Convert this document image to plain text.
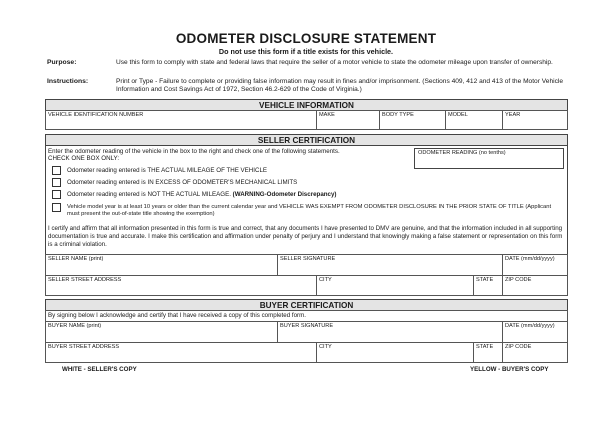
ODOMETER DISCLOSURE STATEMENT
Do not use this form if a title exists for this vehicle.
Purpose:	Use this form to comply with state and federal laws that require the seller of a motor vehicle to state the odometer mileage upon transfer of ownership.
Instructions:	Print or Type - Failure to complete or providing false information may result in fines and/or imprisonment. (Sections 409, 412 and 413 of the Motor Vehicle Information and Cost Savings Act of 1972, Section 46.2-629 of the Code of Virginia.)
VEHICLE INFORMATION
VEHICLE IDENTIFICATION NUMBER	MAKE	BODY TYPE	MODEL	YEAR
SELLER CERTIFICATION
Enter the odometer reading of the vehicle in the box to the right and check one of the following statements.
CHECK ONE BOX ONLY:
ODOMETER READING (no tenths)
Odometer reading entered is THE ACTUAL MILEAGE OF THE VEHICLE
Odometer reading entered is IN EXCESS OF ODOMETER'S MECHANICAL LIMITS
Odometer reading entered is NOT THE ACTUAL MILEAGE. (WARNING-Odometer Discrepancy)
Vehicle model year is at least 10 years or older than the current calendar year and VEHICLE WAS EXEMPT FROM ODOMETER DISCLOSURE IN THE PRIOR STATE OF TITLE (Applicant must present the out-of-state title showing the exemption)
I certify and affirm that all information presented in this form is true and correct, that any documents I have presented to DMV are genuine, and that the information included in all supporting documentation is true and accurate. I make this certification and affirmation under penalty of perjury and I understand that knowingly making a false statement or representation on this form is a criminal violation.
SELLER NAME (print)	SELLER SIGNATURE	DATE (mm/dd/yyyy)
SELLER STREET ADDRESS	CITY	STATE	ZIP CODE
BUYER CERTIFICATION
By signing below I acknowledge and certify that I have received a copy of this completed form.
BUYER NAME (print)	BUYER SIGNATURE	DATE (mm/dd/yyyy)
BUYER STREET ADDRESS	CITY	STATE	ZIP CODE
WHITE - SELLER'S COPY	YELLOW - BUYER'S COPY
